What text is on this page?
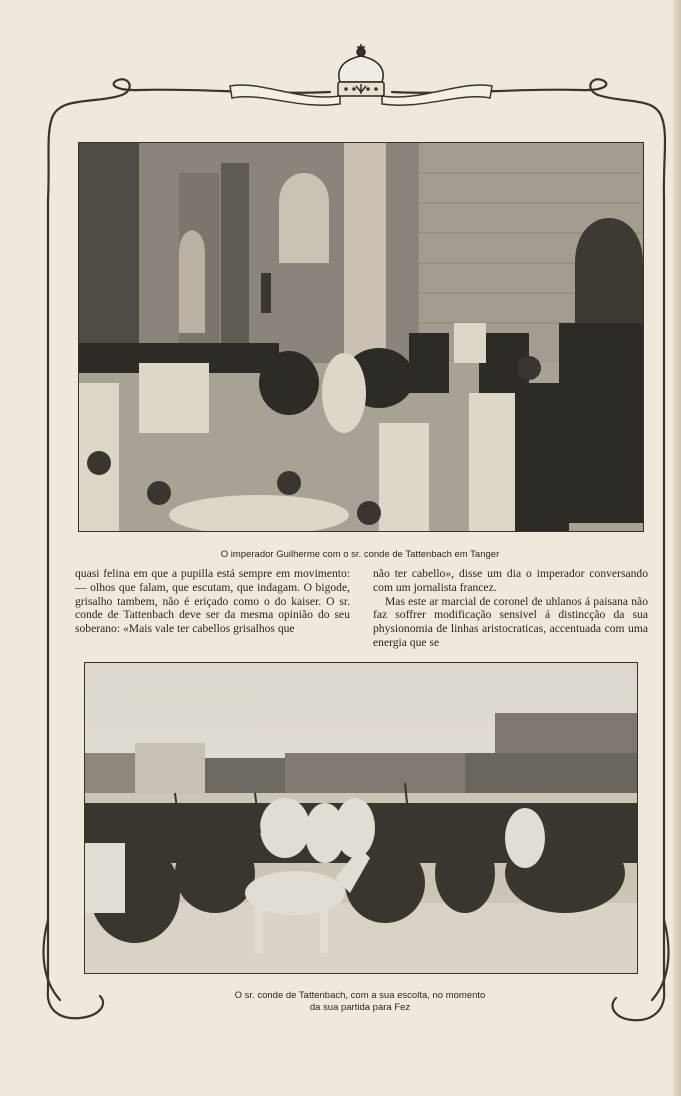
O imperador Guilherme com o sr. conde de Tattenbach em Tanger

quasi felina em que a pupilla está sempre em movimento:— olhos que falam, que escutam, que indagam. O bigode, grisalho tambem, não é eriçado como o do kaiser. O sr. conde de Tattenbach deve ser da mesma opinião do seu soberano: «Mais vale ter cabellos grisalhos que

não ter cabello», disse um dia o imperador conversando com um jornalista francez.

Mas este ar marcial de coronel de uhlanos á paisana não faz soffrer modificação sensivel á distincção da sua physionomia de linhas aristocraticas, accentuada com uma energia que se

O sr. conde de Tattenbach, com a sua escolta, no momento
da sua partida para Fez
